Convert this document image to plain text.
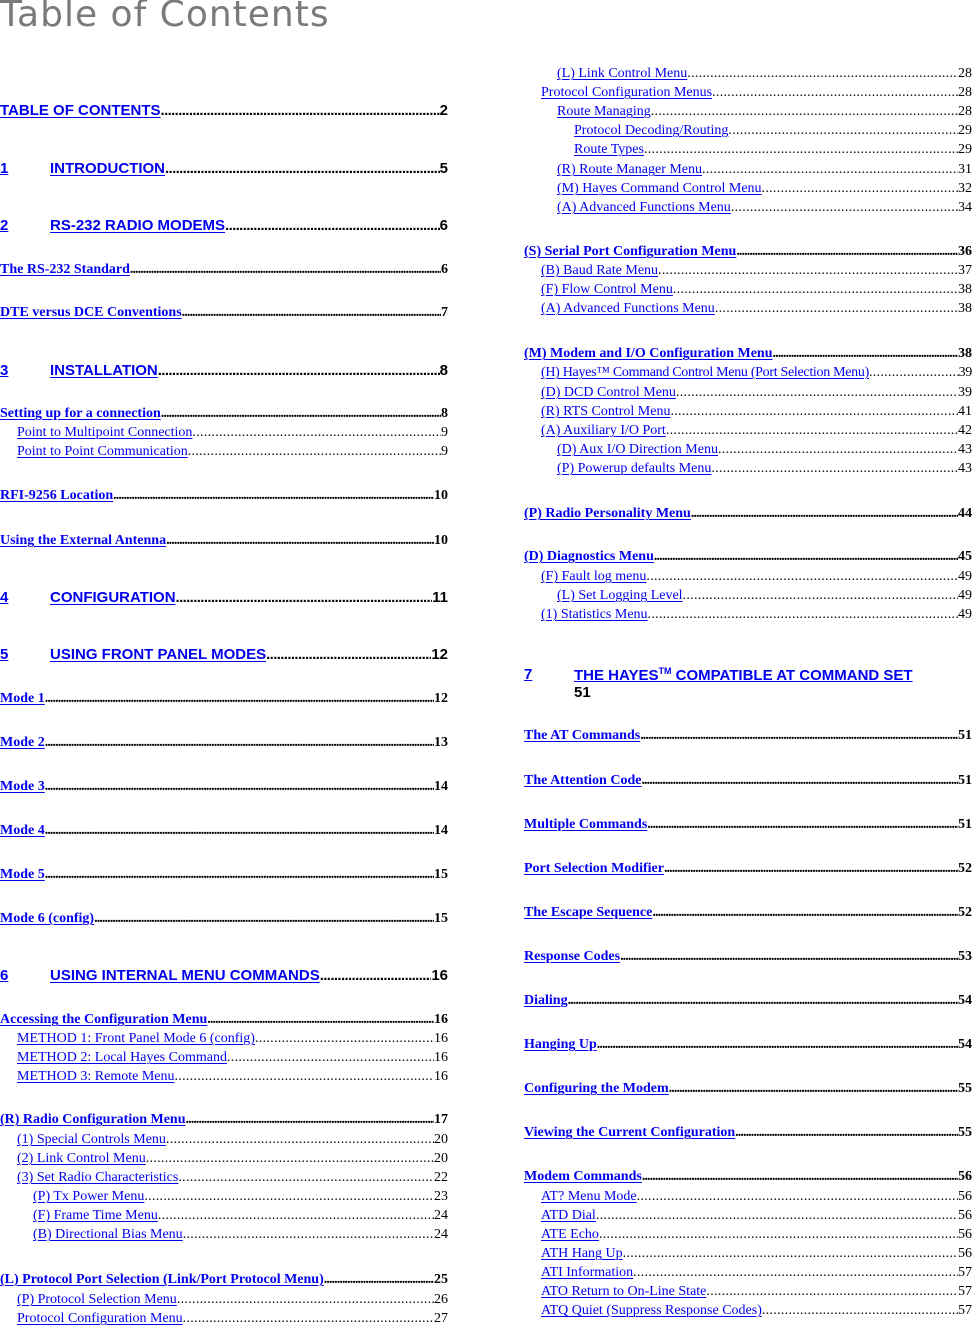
Table of Contents
TABLE OF CONTENTS . . .	2
1	INTRODUCTION . . .	5
2	RS-232 RADIO MODEMS . . .	6
The RS-232 Standard . . .	6
DTE versus DCE Conventions . . .	7
3	INSTALLATION . . .	8
Setting up for a connection . . .	8
Point to Multipoint Connection . . .	9
Point to Point Communication . . .	9
RFI-9256 Location . . .	10
Using the External Antenna . . .	10
4	CONFIGURATION . . .	11
5	USING FRONT PANEL MODES . . .	12
Mode 1 . . .	12
Mode 2 . . .	13
Mode 3 . . .	14
Mode 4 . . .	14
Mode 5 . . .	15
Mode 6 (config) . . .	15
6	USING INTERNAL MENU COMMANDS . . .	16
Accessing the Configuration Menu . . .	16
METHOD 1: Front Panel Mode 6 (config) . . .	16
METHOD 2: Local Hayes Command . . .	16
METHOD 3: Remote Menu . . .	16
(R) Radio Configuration Menu . . .	17
(1) Special Controls Menu . . .	20
(2) Link Control Menu . . .	20
(3) Set Radio Characteristics . . .	22
(P) Tx Power Menu . . .	23
(F) Frame Time Menu . . .	24
(B) Directional Bias Menu . . .	24
(L) Protocol Port Selection (Link/Port Protocol Menu) . . .	25
(P) Protocol Selection Menu . . .	26
Protocol Configuration Menu . . .	27
(L) Link Control Menu . . .	28
Protocol Configuration Menus . . .	28
Route Managing . . .	28
Protocol Decoding/Routing . . .	29
Route Types . . .	29
(R) Route Manager Menu . . .	31
(M) Hayes Command Control Menu . . .	32
(A) Advanced Functions Menu . . .	34
(S) Serial Port Configuration Menu . . .	36
(B) Baud Rate Menu . . .	37
(F) Flow Control Menu . . .	38
(A) Advanced Functions Menu . . .	38
(M) Modem and I/O Configuration Menu . . .	38
(H) Hayes™ Command Control Menu (Port Selection Menu) . . .	39
(D) DCD Control Menu . . .	39
(R) RTS Control Menu . . .	41
(A) Auxiliary I/O Port . . .	42
(D) Aux I/O Direction Menu . . .	43
(P) Powerup defaults Menu . . .	43
(P) Radio Personality Menu . . .	44
(D) Diagnostics Menu . . .	45
(F) Fault log menu . . .	49
(L) Set Logging Level . . .	49
(1) Statistics Menu . . .	49
7	THE HAYES™ COMPATIBLE AT COMMAND SET
51
The AT Commands . . .	51
The Attention Code . . .	51
Multiple Commands . . .	51
Port Selection Modifier . . .	52
The Escape Sequence . . .	52
Response Codes . . .	53
Dialing . . .	54
Hanging Up . . .	54
Configuring the Modem . . .	55
Viewing the Current Configuration . . .	55
Modem Commands . . .	56
AT? Menu Mode . . .	56
ATD Dial . . .	56
ATE Echo . . .	56
ATH Hang Up . . .	56
ATI Information . . .	57
ATO Return to On-Line State . . .	57
ATQ Quiet (Suppress Response Codes) . . .	57
